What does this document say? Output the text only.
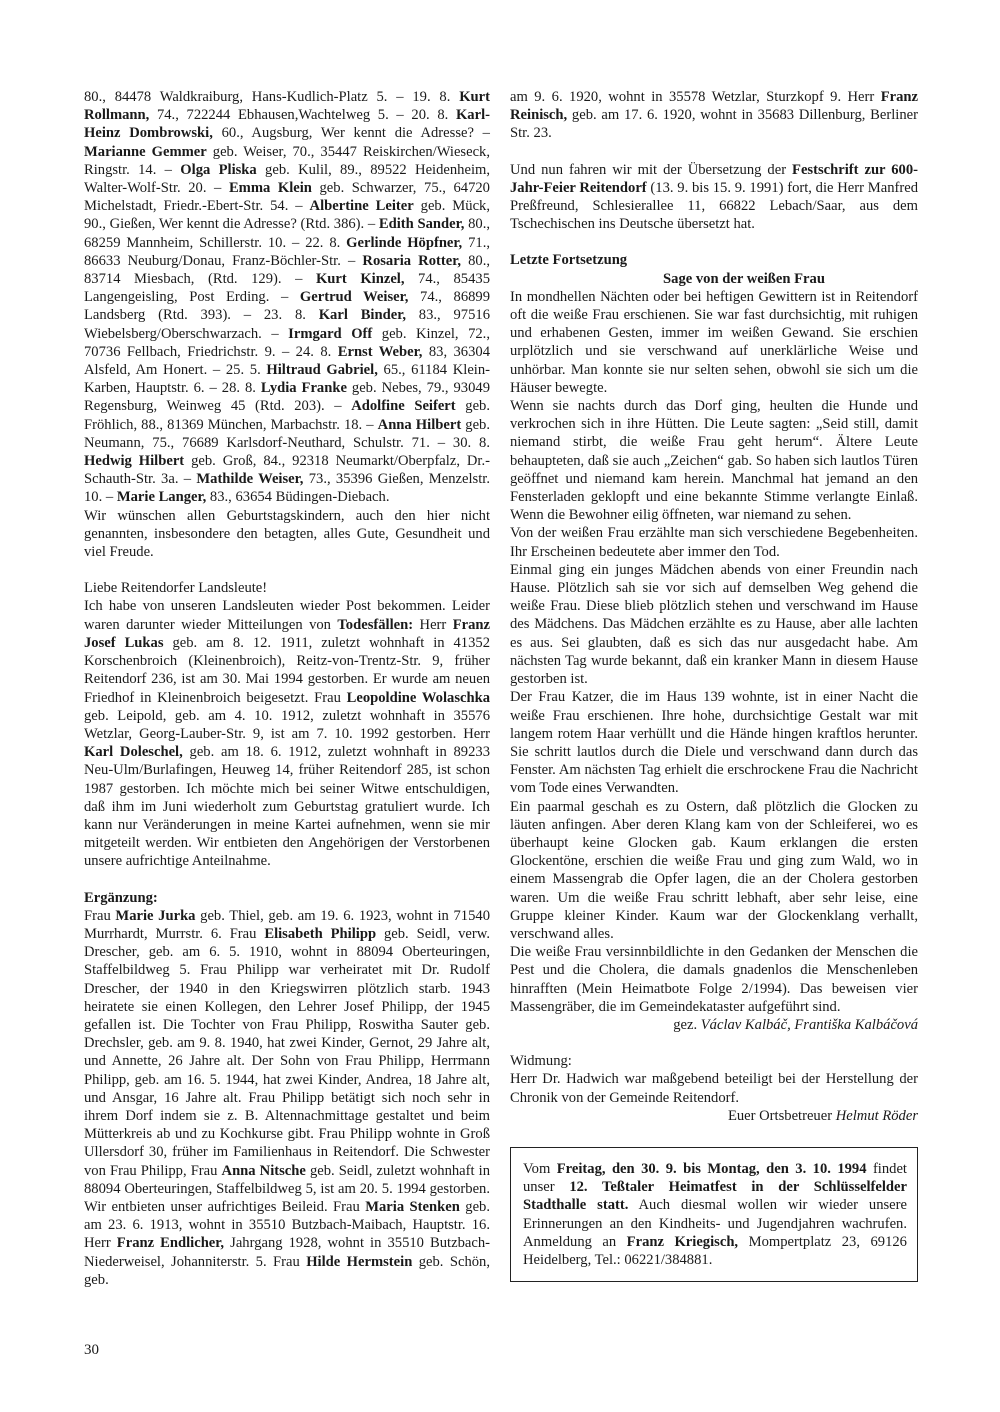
80., 84478 Waldkraiburg, Hans-Kudlich-Platz 5. – 19. 8. Kurt Rollmann, 74., 722244 Ebhausen,Wachtelweg 5. – 20. 8. Karl-Heinz Dombrowski, 60., Augsburg, Wer kennt die Adresse? – Marianne Gemmer geb. Weiser, 70., 35447 Reiskirchen/Wieseck, Ringstr. 14. – Olga Pliska geb. Kulil, 89., 89522 Heidenheim, Walter-Wolf-Str. 20. – Emma Klein geb. Schwarzer, 75., 64720 Michelstadt, Friedr.-Ebert-Str. 54. – Albertine Leiter geb. Mück, 90., Gießen, Wer kennt die Adresse? (Rtd. 386). – Edith Sander, 80., 68259 Mannheim, Schillerstr. 10. – 22. 8. Gerlinde Höpfner, 71., 86633 Neuburg/Donau, Franz-Böchler-Str. – Rosaria Rotter, 80., 83714 Miesbach, (Rtd. 129). – Kurt Kinzel, 74., 85435 Langengeisling, Post Erding. – Gertrud Weiser, 74., 86899 Landsberg (Rtd. 393). – 23. 8. Karl Binder, 83., 97516 Wiebelsberg/Oberschwarzach. – Irmgard Off geb. Kinzel, 72., 70736 Fellbach, Friedrichstr. 9. – 24. 8. Ernst Weber, 83, 36304 Alsfeld, Am Honert. – 25. 5. Hiltraud Gabriel, 65., 61184 Klein-Karben, Hauptstr. 6. – 28. 8. Lydia Franke geb. Nebes, 79., 93049 Regensburg, Weinweg 45 (Rtd. 203). – Adolfine Seifert geb. Fröhlich, 88., 81369 München, Marbachstr. 18. – Anna Hilbert geb. Neumann, 75., 76689 Karlsdorf-Neuthard, Schulstr. 71. – 30. 8. Hedwig Hilbert geb. Groß, 84., 92318 Neumarkt/Oberpfalz, Dr.-Schauth-Str. 3a. – Mathilde Weiser, 73., 35396 Gießen, Menzelstr. 10. – Marie Langer, 83., 63654 Büdingen-Diebach.

Wir wünschen allen Geburtstagskindern, auch den hier nicht genannten, insbesondere den betagten, alles Gute, Gesundheit und viel Freude.

Liebe Reitendorfer Landsleute!

Ich habe von unseren Landsleuten wieder Post bekommen. Leider waren darunter wieder Mitteilungen von Todesfällen: Herr Franz Josef Lukas geb. am 8. 12. 1911, zuletzt wohnhaft in 41352 Korschenbroich (Kleinenbroich), Reitz-von-Trentz-Str. 9, früher Reitendorf 236, ist am 30. Mai 1994 gestorben. Er wurde am neuen Friedhof in Kleinenbroich beigesetzt. Frau Leopoldine Wolaschka geb. Leipold, geb. am 4. 10. 1912, zuletzt wohnhaft in 35576 Wetzlar, Georg-Lauber-Str. 9, ist am 7. 10. 1992 gestorben. Herr Karl Doleschel, geb. am 18. 6. 1912, zuletzt wohnhaft in 89233 Neu-Ulm/Burlafingen, Heuweg 14, früher Reitendorf 285, ist schon 1987 gestorben. Ich möchte mich bei seiner Witwe entschuldigen, daß ihm im Juni wiederholt zum Geburtstag gratuliert wurde. Ich kann nur Veränderungen in meine Kartei aufnehmen, wenn sie mir mitgeteilt werden. Wir entbieten den Angehörigen der Verstorbenen unsere aufrichtige Anteilnahme.

Ergänzung:

Frau Marie Jurka geb. Thiel, geb. am 19. 6. 1923, wohnt in 71540 Murrhardt, Murrstr. 6. Frau Elisabeth Philipp geb. Seidl, verw. Drescher, geb. am 6. 5. 1910, wohnt in 88094 Oberteuringen, Staffelbildweg 5. Frau Philipp war verheiratet mit Dr. Rudolf Drescher, der 1940 in den Kriegswirren plötzlich starb. 1943 heiratete sie einen Kollegen, den Lehrer Josef Philipp, der 1945 gefallen ist. Die Tochter von Frau Philipp, Roswitha Sauter geb. Drechsler, geb. am 9. 8. 1940, hat zwei Kinder, Gernot, 29 Jahre alt, und Annette, 26 Jahre alt. Der Sohn von Frau Philipp, Herrmann Philipp, geb. am 16. 5. 1944, hat zwei Kinder, Andrea, 18 Jahre alt, und Ansgar, 16 Jahre alt. Frau Philipp betätigt sich noch sehr in ihrem Dorf indem sie z. B. Altennachmittage gestaltet und beim Mütterkreis ab und zu Kochkurse gibt. Frau Philipp wohnte in Groß Ullersdorf 30, früher im Familienhaus in Reitendorf. Die Schwester von Frau Philipp, Frau Anna Nitsche geb. Seidl, zuletzt wohnhaft in 88094 Oberteuringen, Staffelbildweg 5, ist am 20. 5. 1994 gestorben. Wir entbieten unser aufrichtiges Beileid. Frau Maria Stenken geb. am 23. 6. 1913, wohnt in 35510 Butzbach-Maibach, Hauptstr. 16. Herr Franz Endlicher, Jahrgang 1928, wohnt in 35510 Butzbach-Niederweisel, Johanniterstr. 5. Frau Hilde Hermstein geb. Schön, geb.

am 9. 6. 1920, wohnt in 35578 Wetzlar, Sturzkopf 9. Herr Franz Reinisch, geb. am 17. 6. 1920, wohnt in 35683 Dillenburg, Berliner Str. 23.

Und nun fahren wir mit der Übersetzung der Festschrift zur 600-Jahr-Feier Reitendorf (13. 9. bis 15. 9. 1991) fort, die Herr Manfred Preßfreund, Schlesierallee 11, 66822 Lebach/Saar, aus dem Tschechischen ins Deutsche übersetzt hat.

Letzte Fortsetzung

Sage von der weißen Frau

In mondhellen Nächten oder bei heftigen Gewittern ist in Reitendorf oft die weiße Frau erschienen. Sie war fast durchsichtig, mit ruhigen und erhabenen Gesten, immer im weißen Gewand. Sie erschien urplötzlich und sie verschwand auf unerklärliche Weise und unhörbar. Man konnte sie nur selten sehen, obwohl sie sich um die Häuser bewegte.

Wenn sie nachts durch das Dorf ging, heulten die Hunde und verkrochen sich in ihre Hütten. Die Leute sagten: „Seid still, damit niemand stirbt, die weiße Frau geht herum“. Ältere Leute behaupteten, daß sie auch „Zeichen“ gab. So haben sich lautlos Türen geöffnet und niemand kam herein. Manchmal hat jemand an den Fensterladen geklopft und eine bekannte Stimme verlangte Einlaß. Wenn die Bewohner eilig öffneten, war niemand zu sehen.

Von der weißen Frau erzählte man sich verschiedene Begebenheiten. Ihr Erscheinen bedeutete aber immer den Tod.

Einmal ging ein junges Mädchen abends von einer Freundin nach Hause. Plötzlich sah sie vor sich auf demselben Weg gehend die weiße Frau. Diese blieb plötzlich stehen und verschwand im Hause des Mädchens. Das Mädchen erzählte es zu Hause, aber alle lachten es aus. Sei glaubten, daß es sich das nur ausgedacht habe. Am nächsten Tag wurde bekannt, daß ein kranker Mann in diesem Hause gestorben ist.

Der Frau Katzer, die im Haus 139 wohnte, ist in einer Nacht die weiße Frau erschienen. Ihre hohe, durchsichtige Gestalt war mit langem rotem Haar verhüllt und die Hände hingen kraftlos herunter. Sie schritt lautlos durch die Diele und verschwand dann durch das Fenster. Am nächsten Tag erhielt die erschrockene Frau die Nachricht vom Tode eines Verwandten.

Ein paarmal geschah es zu Ostern, daß plötzlich die Glocken zu läuten anfingen. Aber deren Klang kam von der Schleiferei, wo es überhaupt keine Glocken gab. Kaum erklangen die ersten Glockentöne, erschien die weiße Frau und ging zum Wald, wo in einem Massengrab die Opfer lagen, die an der Cholera gestorben waren. Um die weiße Frau schritt lebhaft, aber sehr leise, eine Gruppe kleiner Kinder. Kaum war der Glockenklang verhallt, verschwand alles.

Die weiße Frau versinnbildlichte in den Gedanken der Menschen die Pest und die Cholera, die damals gnadenlos die Menschenleben hinrafften (Mein Heimatbote Folge 2/1994). Das beweisen vier Massengräber, die im Gemeindekataster aufgeführt sind.

gez. Václav Kalbáč, Františka Kalbáčová

Widmung:

Herr Dr. Hadwich war maßgebend beteiligt bei der Herstellung der Chronik von der Gemeinde Reitendorf.

Euer Ortsbetreuer Helmut Röder

Vom Freitag, den 30. 9. bis Montag, den 3. 10. 1994 findet unser 12. Teßtaler Heimatfest in der Schlüsselfelder Stadthalle statt. Auch diesmal wollen wir wieder unsere Erinnerungen an den Kindheits- und Jugendjahren wachrufen. Anmeldung an Franz Kriegisch, Mompertplatz 23, 69126 Heidelberg, Tel.: 06221/384881.

30
